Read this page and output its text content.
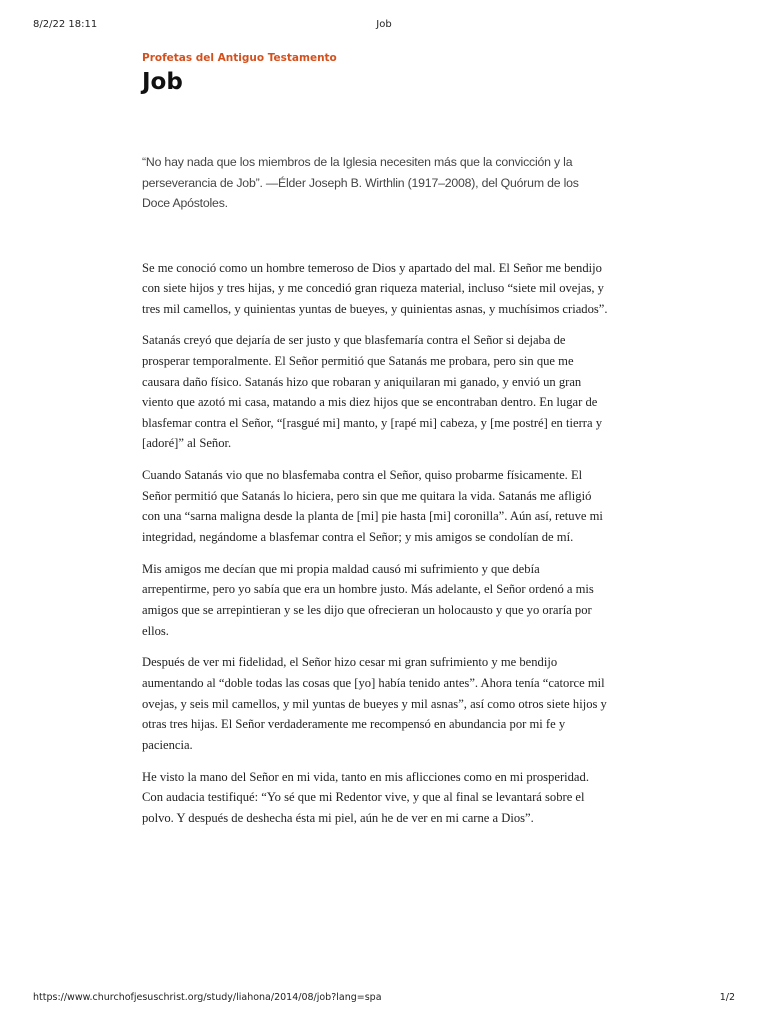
8/2/22 18:11	Job
Profetas del Antiguo Testamento
Job

“No hay nada que los miembros de la Iglesia necesiten más que la convicción y la perseverancia de Job”. —Élder Joseph B. Wirthlin (1917–2008), del Quórum de los Doce Apóstoles.

Se me conoció como un hombre temeroso de Dios y apartado del mal. El Señor me bendijo con siete hijos y tres hijas, y me concedió gran riqueza material, incluso “siete mil ovejas, y tres mil camellos, y quinientas yuntas de bueyes, y quinientas asnas, y muchísimos criados”.

Satanás creyó que dejaría de ser justo y que blasfemaría contra el Señor si dejaba de prosperar temporalmente. El Señor permitió que Satanás me probara, pero sin que me causara daño físico. Satanás hizo que robaran y aniquilaran mi ganado, y envió un gran viento que azotó mi casa, matando a mis diez hijos que se encontraban dentro. En lugar de blasfemar contra el Señor, “[rasgué mi] manto, y [rapé mi] cabeza, y [me postré] en tierra y [adoré]” al Señor.

Cuando Satanás vio que no blasfemaba contra el Señor, quiso probarme físicamente. El Señor permitió que Satanás lo hiciera, pero sin que me quitara la vida. Satanás me afligió con una “sarna maligna desde la planta de [mi] pie hasta [mi] coronilla”. Aún así, retuve mi integridad, negándome a blasfemar contra el Señor; y mis amigos se condolían de mí.

Mis amigos me decían que mi propia maldad causó mi sufrimiento y que debía arrepentirme, pero yo sabía que era un hombre justo. Más adelante, el Señor ordenó a mis amigos que se arrepintieran y se les dijo que ofrecieran un holocausto y que yo oraría por ellos.

Después de ver mi fidelidad, el Señor hizo cesar mi gran sufrimiento y me bendijo aumentando al “doble todas las cosas que [yo] había tenido antes”. Ahora tenía “catorce mil ovejas, y seis mil camellos, y mil yuntas de bueyes y mil asnas”, así como otros siete hijos y otras tres hijas. El Señor verdaderamente me recompensó en abundancia por mi fe y paciencia.

He visto la mano del Señor en mi vida, tanto en mis aflicciones como en mi prosperidad. Con audacia testifiqué: “Yo sé que mi Redentor vive, y que al final se levantará sobre el polvo. Y después de deshecha ésta mi piel, aún he de ver en mi carne a Dios”.

https://www.churchofjesuschrist.org/study/liahona/2014/08/job?lang=spa	1/2
